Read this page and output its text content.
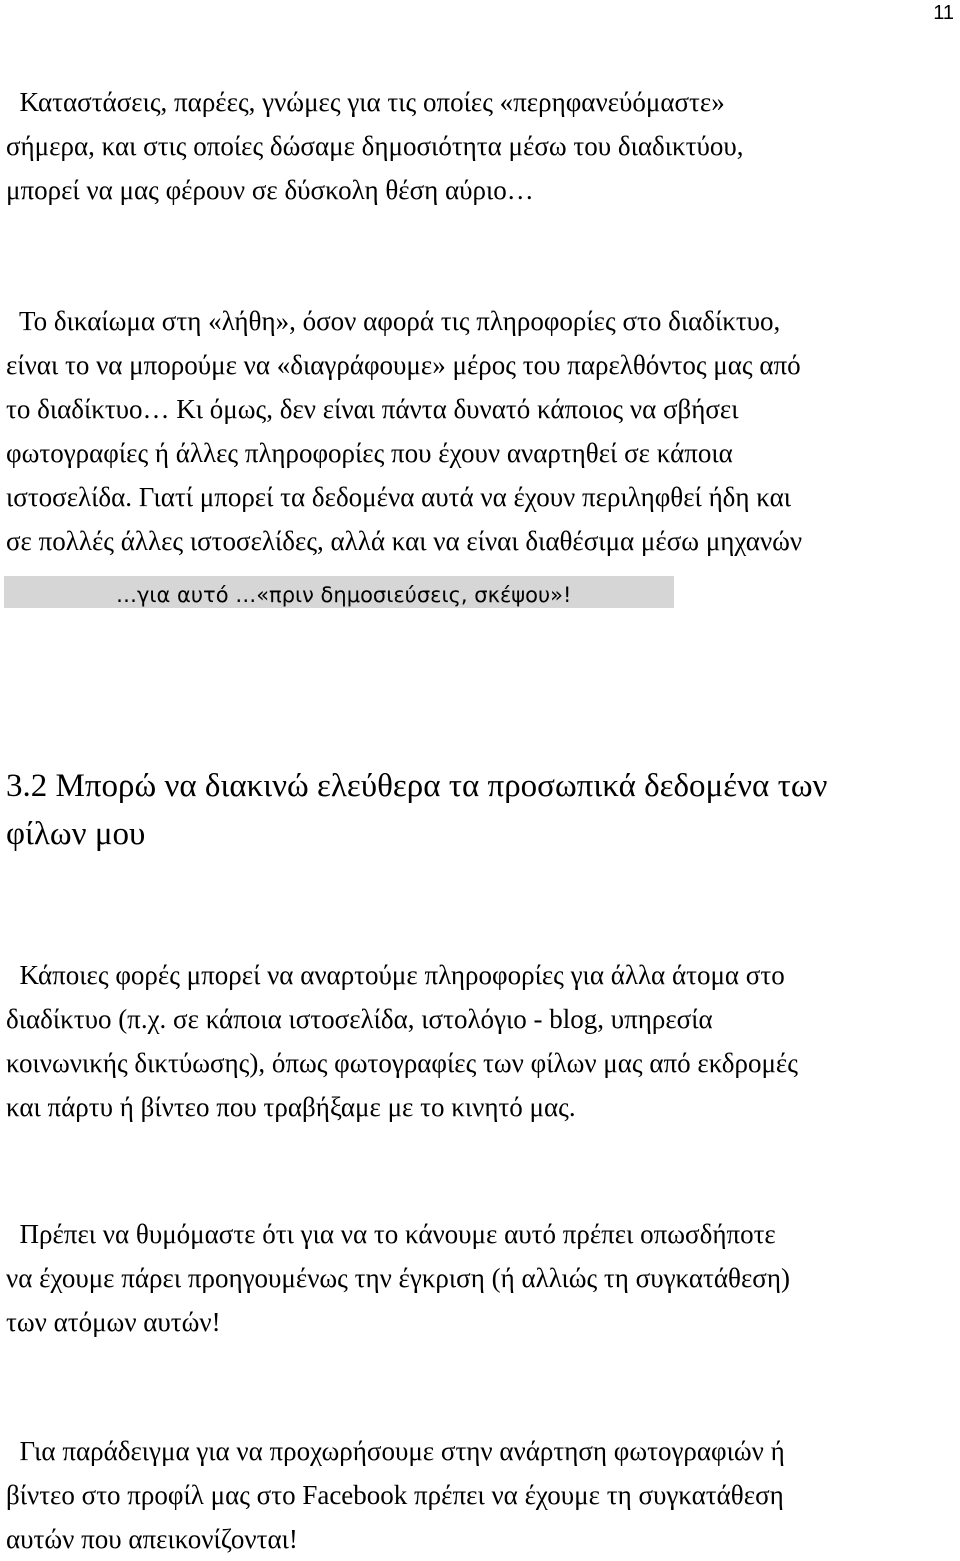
11

Καταστάσεις, παρέες, γνώμες για τις οποίες «περηφανεύόμαστε»
σήμερα, και στις οποίες δώσαμε δημοσιότητα μέσω του διαδικτύου,
μπορεί να μας φέρουν σε δύσκολη θέση αύριο…

Το δικαίωμα στη «λήθη», όσον αφορά τις πληροφορίες στο διαδίκτυο,
είναι το να μπορούμε να «διαγράφουμε» μέρος του παρελθόντος μας από
το διαδίκτυο… Κι όμως, δεν είναι πάντα δυνατό κάποιος να σβήσει
φωτογραφίες ή άλλες πληροφορίες που έχουν αναρτηθεί σε κάποια
ιστοσελίδα. Γιατί μπορεί τα δεδομένα αυτά να έχουν περιληφθεί ήδη και
σε πολλές άλλες ιστοσελίδες, αλλά και να είναι διαθέσιμα μέσω μηχανών

…για αυτό …«πριν δημοσιεύσεις, σκέψου»!
3.2 Μπορώ να διακινώ ελεύθερα τα προσωπικά δεδομένα των
φίλων μου

Κάποιες φορές μπορεί να αναρτούμε πληροφορίες για άλλα άτομα στο
διαδίκτυο (π.χ. σε κάποια ιστοσελίδα, ιστολόγιο - blog, υπηρεσία
κοινωνικής δικτύωσης), όπως φωτογραφίες των φίλων μας από εκδρομές
και πάρτυ ή βίντεο που τραβήξαμε με το κινητό μας.

Πρέπει να θυμόμαστε ότι για να το κάνουμε αυτό πρέπει οπωσδήποτε
να έχουμε πάρει προηγουμένως την έγκριση (ή αλλιώς τη συγκατάθεση)
των ατόμων αυτών!

Για παράδειγμα για να προχωρήσουμε στην ανάρτηση φωτογραφιών ή
βίντεο στο προφίλ μας στο Facebook πρέπει να έχουμε τη συγκατάθεση
αυτών που απεικονίζονται!
